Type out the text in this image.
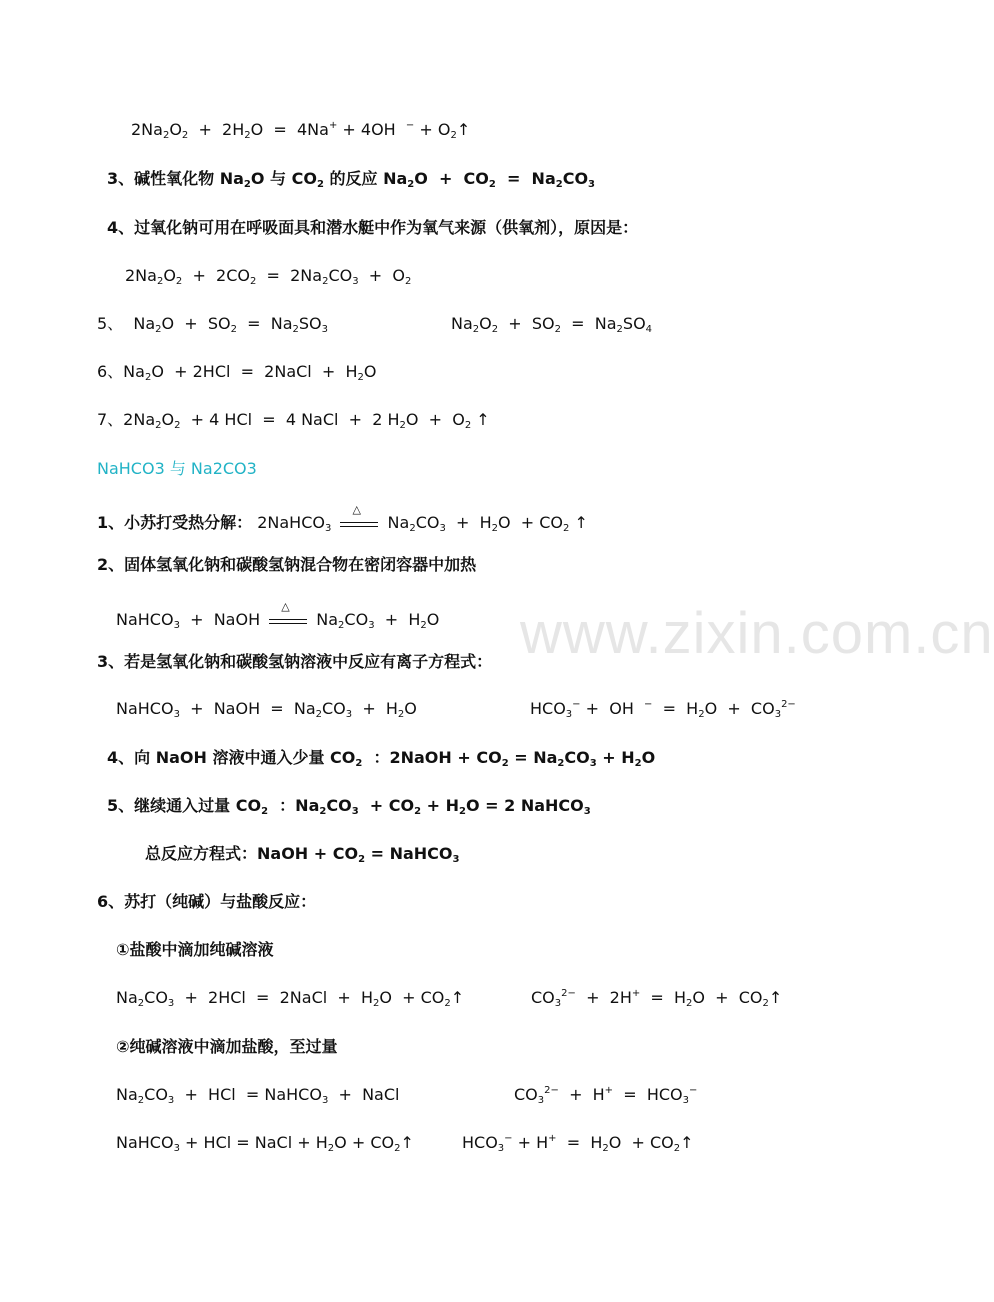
www.zixin.com.cn
$2Na_2O_2 + 2H_2O = 4Na^+ + 4OH$  $^- + O_2↑$
3、碱性氧化物 $Na_2O$ 与 $CO_2$ 的反应 $Na_2O + CO_2 = Na_2CO_3$
4、过氧化钠可用在呼吸面具和潜水艇中作为氧气来源（供氧剂），原因是：
$2Na_2O_2 + 2CO_2 = 2Na_2CO_3 + O_2$
5、  $Na_2O + SO_2 = Na_2SO_3$	$Na_2O_2 + SO_2 = Na_2SO_4$
6、$Na_2O + 2HCl$  =  2NaCl  +  $H_2O$
7、$2Na_2O_2 + 4$ HCl  =  4 NaCl  +  2 $H_2O + O_2$ ↑
NaHCO3 与 Na2CO3
1、小苏打受热分解： 2NaHCO$_3$
△
$Na_2CO_3 + H_2O + CO_2$ ↑
2、固体氢氧化钠和碳酸氢钠混合物在密闭容器中加热
NaHCO$_3$  +  NaOH
△
$Na_2CO_3 + H_2O$
3、若是氢氧化钠和碳酸氢钠溶液中反应有离子方程式：
NaHCO$_3$  +  NaOH  =  $Na_2CO_3 + H_2O$	$HCO_3^-$ +  OH  $^- = H_2O + CO_3^{2-}$
4、向 NaOH 溶液中通入少量 $CO_2$  ：2NaOH + $CO_2 = Na_2CO_3 + H_2O$
5、继续通入过量 $CO_2$  ：$Na_2CO_3 + CO_2 + H_2O = 2$ NaHCO$_3$
总反应方程式：NaOH + $CO_2$ = NaHCO$_3$
6、苏打（纯碱）与盐酸反应：
①盐酸中滴加纯碱溶液
$Na_2CO_3 + 2HCl$  =  2NaCl  +  $H_2O$  + $CO_2↑$	$CO_3^{2-} + 2H^+ = H_2O$  +  $CO_2↑$
②纯碱溶液中滴加盐酸，至过量
$Na_2CO_3$  +  HCl  = NaHCO$_3$  +  NaCl	$CO_3^{2-} + H^+ = HCO_3^-$
NaHCO$_3$ + HCl = NaCl + $H_2O$ + $CO_2↑$	$HCO_3^- + H^+ = H_2O$  + $CO_2↑$
